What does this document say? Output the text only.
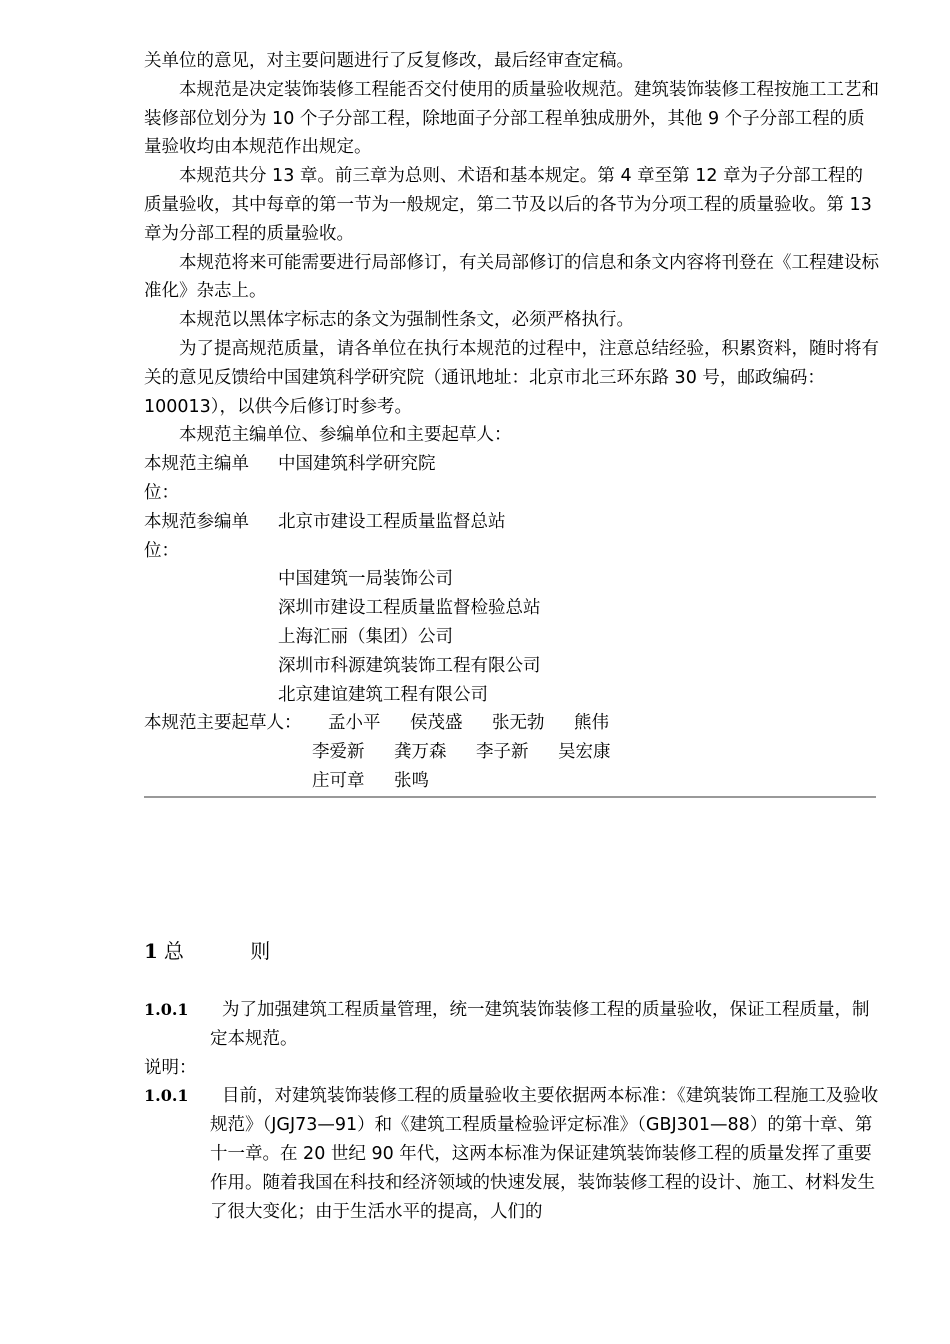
关单位的意见，对主要问题进行了反复修改，最后经审查定稿。

本规范是决定装饰装修工程能否交付使用的质量验收规范。建筑装饰装修工程按施工工艺和装修部位划分为 10 个子分部工程，除地面子分部工程单独成册外，其他 9 个子分部工程的质量验收均由本规范作出规定。

本规范共分 13 章。前三章为总则、术语和基本规定。第 4 章至第 12 章为子分部工程的质量验收，其中每章的第一节为一般规定，第二节及以后的各节为分项工程的质量验收。第 13 章为分部工程的质量验收。

本规范将来可能需要进行局部修订，有关局部修订的信息和条文内容将刊登在《工程建设标准化》杂志上。

本规范以黑体字标志的条文为强制性条文，必须严格执行。

为了提高规范质量，请各单位在执行本规范的过程中，注意总结经验，积累资料，随时将有关的意见反馈给中国建筑科学研究院（通讯地址：北京市北三环东路 30 号，邮政编码：100013），以供今后修订时参考。

本规范主编单位、参编单位和主要起草人：

本规范主编单位：
中国建筑科学研究院
本规范参编单位：
北京市建设工程质量监督总站
中国建筑一局装饰公司
深圳市建设工程质量监督检验总站
上海汇丽（集团）公司
深圳市科源建筑装饰工程有限公司
北京建谊建筑工程有限公司
本规范主要起草人：	孟小平	侯茂盛	张无勃	熊伟
李爱新	龚万森	李子新	吴宏康
庄可章	张鸣
1 总 则
1.0.1	为了加强建筑工程质量管理，统一建筑装饰装修工程的质量验收，保证工程质量，制定本规范。

说明：

1.0.1	目前，对建筑装饰装修工程的质量验收主要依据两本标准：《建筑装饰工程施工及验收规范》（JGJ73—91）和《建筑工程质量检验评定标准》（GBJ301—88）的第十章、第十一章。在 20 世纪 90 年代，这两本标准为保证建筑装饰装修工程的质量发挥了重要作用。随着我国在科技和经济领域的快速发展，装饰装修工程的设计、施工、材料发生了很大变化；由于生活水平的提高，人们的
